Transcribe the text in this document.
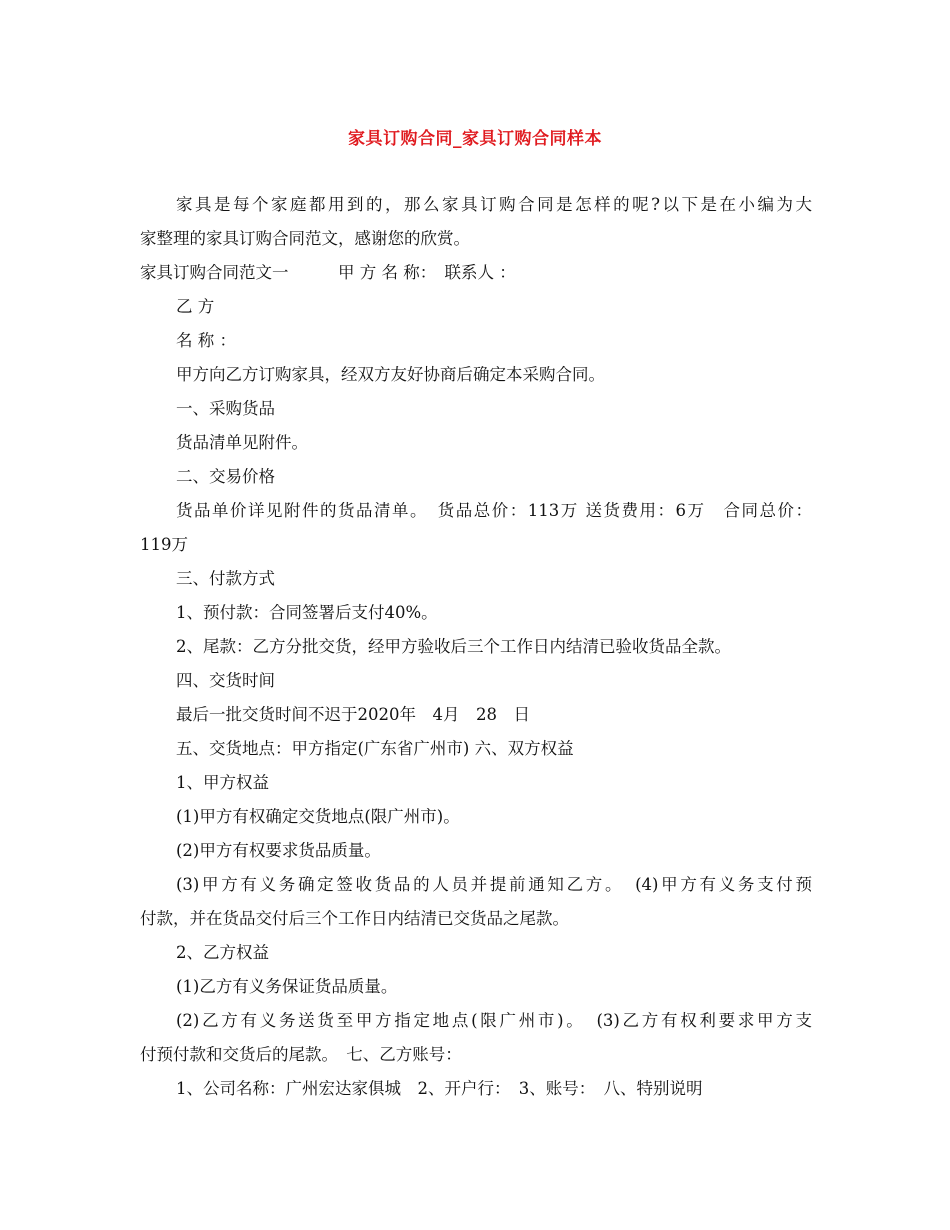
家具订购合同_家具订购合同样本
家具是每个家庭都用到的，那么家具订购合同是怎样的呢?以下是在小编为大
家整理的家具订购合同范文，感谢您的欣赏。
家具订购合同范文一　　　甲 方 名 称：　联系人 ：
乙 方
名 称 ：
甲方向乙方订购家具，经双方友好协商后确定本采购合同。
一、采购货品
货品清单见附件。
二、交易价格
货品单价详见附件的货品清单。　货品总价：113万 送货费用：6万　合同总价：
119万
三、付款方式
1、预付款：合同签署后支付40%。
2、尾款：乙方分批交货，经甲方验收后三个工作日内结清已验收货品全款。
四、交货时间
最后一批交货时间不迟于2020年　4月　28　日
五、交货地点：甲方指定(广东省广州市) 六、双方权益
1、甲方权益
(1)甲方有权确定交货地点(限广州市)。
(2)甲方有权要求货品质量。
(3)甲方有义务确定签收货品的人员并提前通知乙方。　(4)甲方有义务支付预
付款，并在货品交付后三个工作日内结清已交货品之尾款。
2、乙方权益
(1)乙方有义务保证货品质量。
(2)乙方有义务送货至甲方指定地点(限广州市)。　(3)乙方有权利要求甲方支
付预付款和交货后的尾款。　七、乙方账号：
1、公司名称：广州宏达家俱城　2、开户行：　3、账号：　八、特别说明
